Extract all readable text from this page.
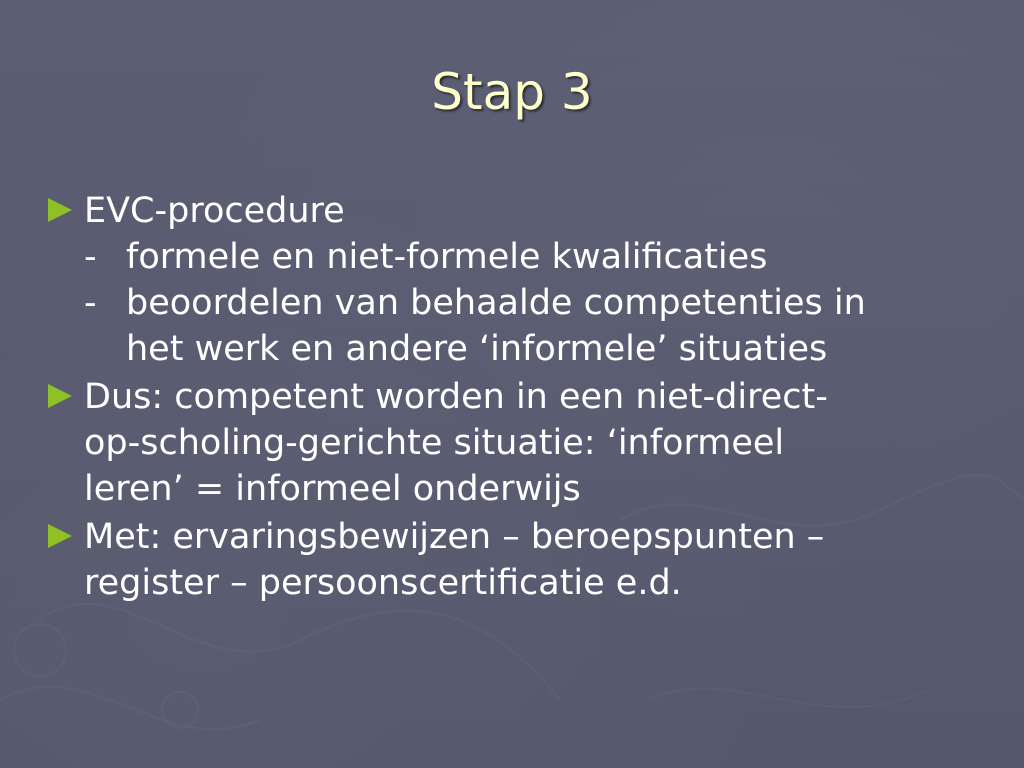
Stap 3
EVC-procedure
- formele en niet-formele kwalificaties
- beoordelen van behaalde competenties in
het werk en andere ‘informele’ situaties
Dus: competent worden in een niet-direct-
op-scholing-gerichte situatie: ‘informeel
leren’ = informeel onderwijs
Met: ervaringsbewijzen – beroepspunten –
register – persoonscertificatie e.d.
